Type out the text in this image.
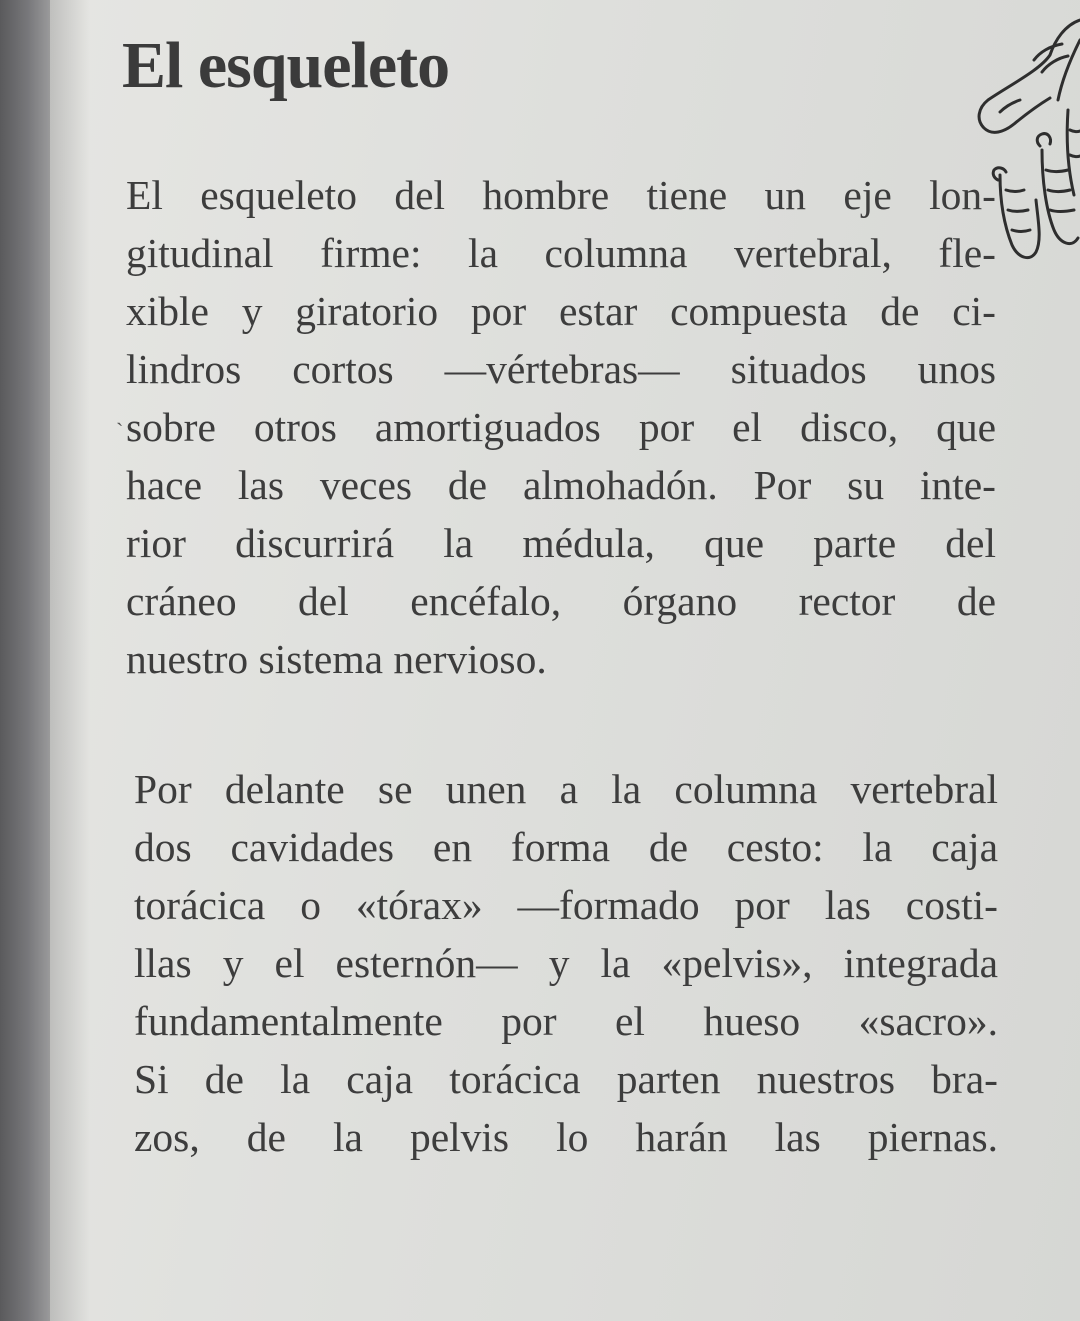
El esqueleto
ˋ
El esqueleto del hombre tiene un eje lon-
gitudinal firme: la columna vertebral, fle-
xible y giratorio por estar compuesta de ci-
lindros cortos —vértebras— situados unos
sobre otros amortiguados por el disco, que
hace las veces de almohadón. Por su inte-
rior discurrirá la médula, que parte del
cráneo del encéfalo, órgano rector de
nuestro sistema nervioso.
Por delante se unen a la columna vertebral
dos cavidades en forma de cesto: la caja
torácica o «tórax» —formado por las costi-
llas y el esternón— y la «pelvis», integrada
fundamentalmente por el hueso «sacro».
Si de la caja torácica parten nuestros bra-
zos, de la pelvis lo harán las piernas.
